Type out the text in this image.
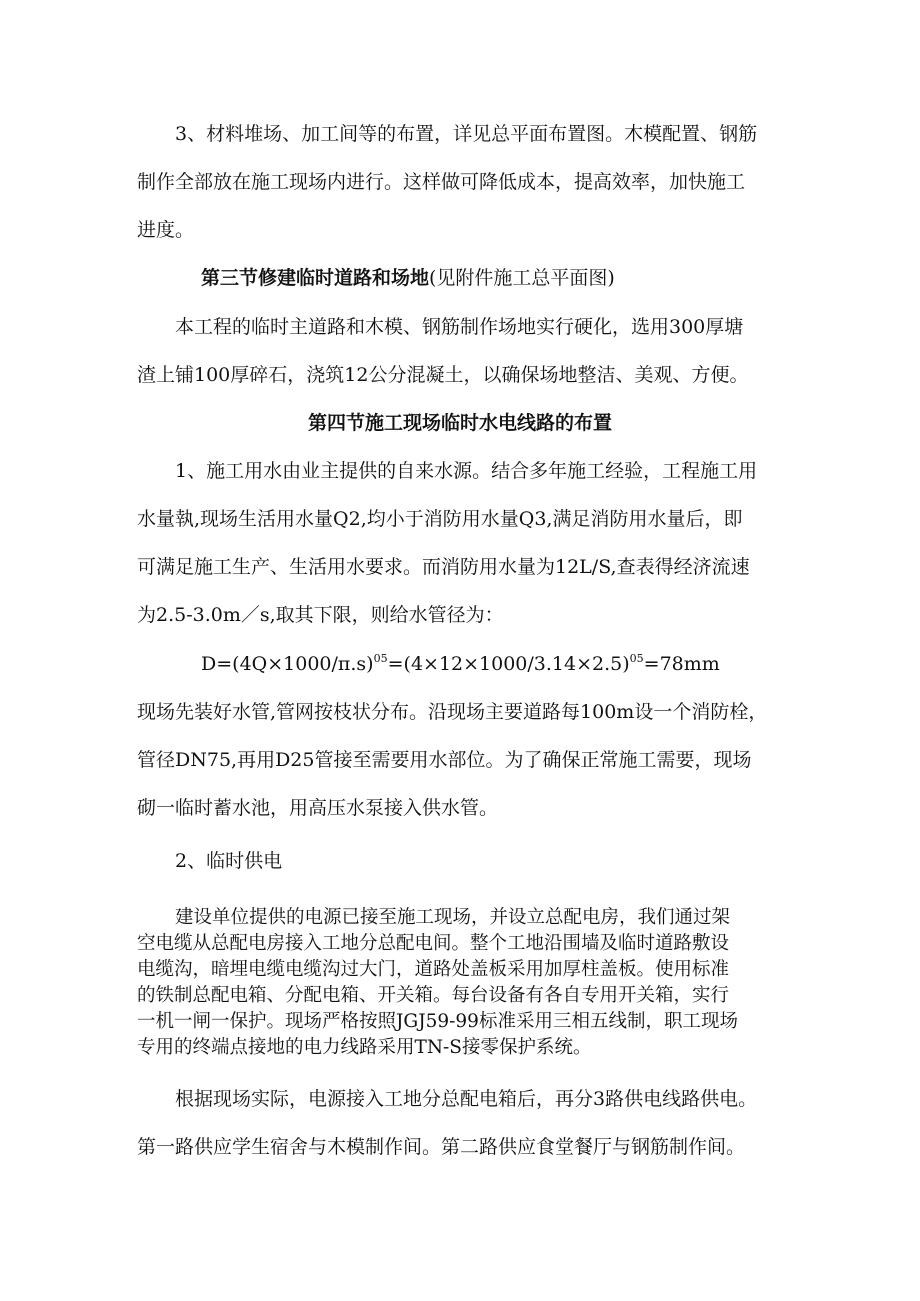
3、材料堆场、加工间等的布置，详见总平面布置图。木模配置、钢筋
制作全部放在施工现场内进行。这样做可降低成本，提高效率，加快施工
进度。
第三节修建临时道路和场地(见附件施工总平面图)
本工程的临时主道路和木模、钢筋制作场地实行硬化，选用300厚塘
渣上铺100厚碎石，浇筑12公分混凝土，以确保场地整洁、美观、方便。
第四节施工现场临时水电线路的布置
1、施工用水由业主提供的自来水源。结合多年施工经验，工程施工用
水量執,现场生活用水量Q2,均小于消防用水量Q3,满足消防用水量后，即
可满足施工生产、生活用水要求。而消防用水量为12L/S,查表得经济流速
为2.5-3.0m／s,取其下限，则给水管径为：
$D=(4Q\times 1000/\pi.s)^{05}=(4\times 12\times 1000/3.14\times 2.5)^{05}=78mm$
现场先装好水管,管网按枝状分布。沿现场主要道路每100m设一个消防栓，
管径DN75,再用D25管接至需要用水部位。为了确保正常施工需要，现场
砌一临时蓄水池，用高压水泵接入供水管。
2、临时供电
建设单位提供的电源已接至施工现场，并设立总配电房，我们通过架
空电缆从总配电房接入工地分总配电间。整个工地沿围墙及临时道路敷设
电缆沟，暗埋电缆电缆沟过大门，道路处盖板采用加厚柱盖板。使用标准
的铁制总配电箱、分配电箱、开关箱。每台设备有各自专用开关箱，实行
一机一闸一保护。现场严格按照JGJ59-99标准采用三相五线制，职工现场
专用的终端点接地的电力线路采用TN-S接零保护系统。
根据现场实际，电源接入工地分总配电箱后，再分3路供电线路供电。
第一路供应学生宿舍与木模制作间。第二路供应食堂餐厅与钢筋制作间。
